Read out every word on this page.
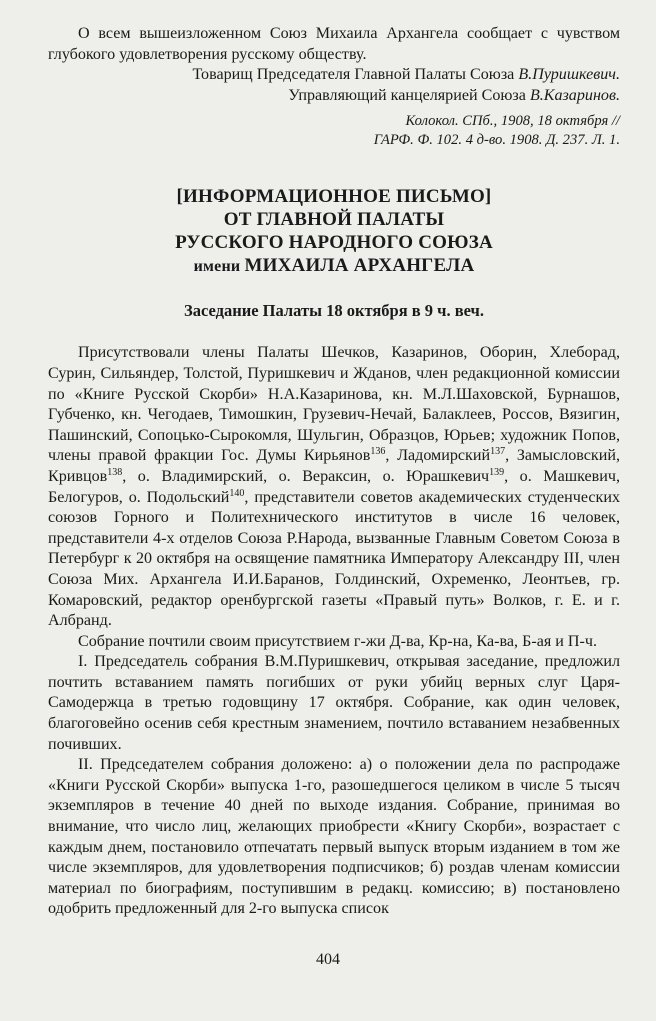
О всем вышеизложенном Союз Михаила Архангела сообщает с чувством глубокого удовлетворения русскому обществу.

Товарищ Председателя Главной Палаты Союза В.Пуришкевич.

Управляющий канцелярией Союза В.Казаринов.

Колокол. СПб., 1908, 18 октября //

ГАРФ. Ф. 102. 4 д-во. 1908. Д. 237. Л. 1.

[ИНФОРМАЦИОННОЕ ПИСЬМО]

ОТ ГЛАВНОЙ ПАЛАТЫ

РУССКОГО НАРОДНОГО СОЮЗА

имени МИХАИЛА АРХАНГЕЛА

Заседание Палаты 18 октября в 9 ч. веч.

Присутствовали члены Палаты Шечков, Казаринов, Оборин, Хлеборад, Сурин, Сильяндер, Толстой, Пуришкевич и Жданов, член редакционной комиссии по «Книге Русской Скорби» Н.А.Казаринова, кн. М.Л.Шаховской, Бурнашов, Губченко, кн. Чегодаев, Тимошкин, Грузевич-Нечай, Балаклеев, Россов, Вязигин, Пашинский, Сопоцько-Сырокомля, Шульгин, Образцов, Юрьев; художник Попов, члены правой фракции Гос. Думы Кирьянов$^{136}$, Ладомирский$^{137}$, Замысловский, Кривцов$^{138}$, о. Владимирский, о. Вераксин, о. Юрашкевич$^{139}$, о. Машкевич, Белогуров, о. Подольский$^{140}$, представители советов академических студенческих союзов Горного и Политехнического институтов в числе 16 человек, представители 4-х отделов Союза Р.Народа, вызванные Главным Советом Союза в Петербург к 20 октября на освящение памятника Императору Александру III, член Союза Мих. Архангела И.И.Баранов, Голдинский, Охременко, Леонтьев, гр. Комаровский, редактор оренбургской газеты «Правый путь» Волков, г. Е. и г. Албранд.

Собрание почтили своим присутствием г-жи Д-ва, Кр-на, Ка-ва, Б-ая и П-ч.

I. Председатель собрания В.М.Пуришкевич, открывая заседание, предложил почтить вставанием память погибших от руки убийц верных слуг Царя-Самодержца в третью годовщину 17 октября. Собрание, как один человек, благоговейно осенив себя крестным знамением, почтило вставанием незабвенных почивших.

II. Председателем собрания доложено: а) о положении дела по распродаже «Книги Русской Скорби» выпуска 1-го, разошедшегося целиком в числе 5 тысяч экземпляров в течение 40 дней по выходе издания. Собрание, принимая во внимание, что число лиц, желающих приобрести «Книгу Скорби», возрастает с каждым днем, постановило отпечатать первый выпуск вторым изданием в том же числе экземпляров, для удовлетворения подписчиков; б) роздав членам комиссии материал по биографиям, поступившим в редакц. комиссию; в) постановлено одобрить предложенный для 2-го выпуска список

404
